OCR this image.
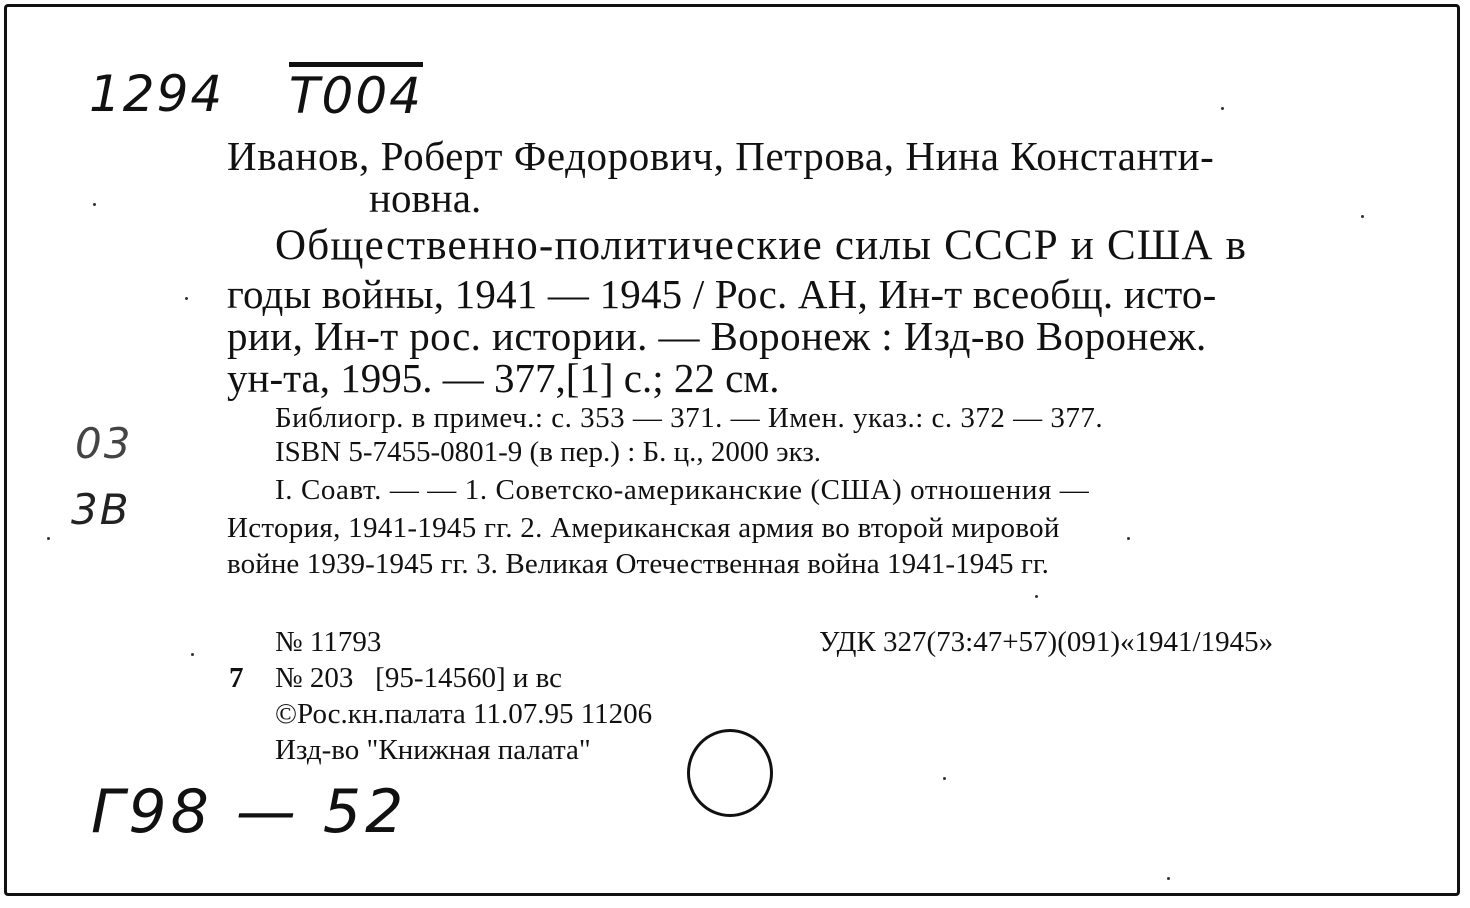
1294 T004
03
3B
Иванов, Роберт Федорович, Петрова, Нина Константи-
новна.
Общественно-политические силы СССР и США в
годы войны, 1941 — 1945 / Рос. АН, Ин-т всеобщ. исто-
рии, Ин-т рос. истории. — Воронеж : Изд-во Воронеж.
ун-та, 1995. — 377,[1] с.; 22 см.
Библиогр. в примеч.: с. 353 — 371. — Имен. указ.: с. 372 — 377.
ISBN 5-7455-0801-9 (в пер.) : Б. ц., 2000 экз.
I. Соавт. — — 1. Советско-американские (США) отношения —
История, 1941-1945 гг. 2. Американская армия во второй мировой
войне 1939-1945 гг. 3. Великая Отечественная война 1941-1945 гг.
№ 11793	УДК 327(73:47+57)(091)«1941/1945»
7 № 203   [95-14560] и вс
©Рос.кн.палата 11.07.95 11206
Изд-во "Книжная палата"
Г98 — 52
